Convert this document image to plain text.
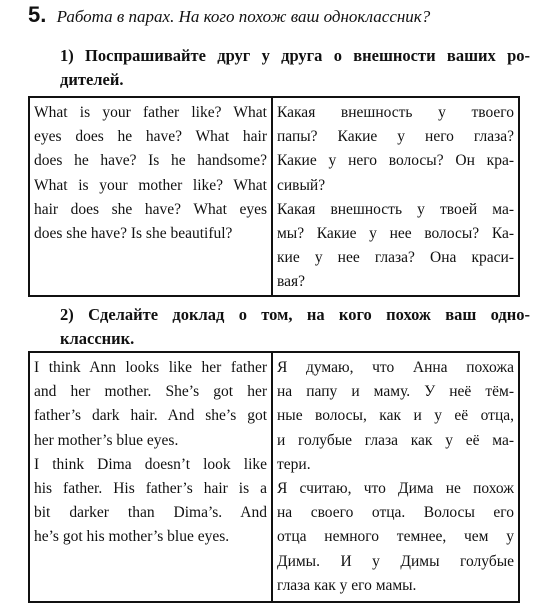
5. Работа в парах. На кого похож ваш одноклассник?
1) Поспрашивайте друг у друга о внешности ваших ро-
дителей.
What is your father like? What
eyes does he have? What hair
does he have? Is he handsome?
What is your mother like? What
hair does she have? What eyes
does she have? Is she beautiful?

Какая внешность у твоего
папы? Какие у него глаза?
Какие у него волосы? Он кра-
сивый?
Какая внешность у твоей ма-
мы? Какие у нее волосы? Ка-
кие у нее глаза? Она краси-
вая?
2) Сделайте доклад о том, на кого похож ваш одно-
классник.
I think Ann looks like her father
and her mother. She’s got her
father’s dark hair. And she’s got
her mother’s blue eyes.
I think Dima doesn’t look like
his father. His father’s hair is a
bit darker than Dima’s. And
he’s got his mother’s blue eyes.

Я думаю, что Анна похожа
на папу и маму. У неё тём-
ные волосы, как и у её отца,
и голубые глаза как у её ма-
тери.
Я считаю, что Дима не похож
на своего отца. Волосы его
отца немного темнее, чем у
Димы. И у Димы голубые
глаза как у его мамы.
